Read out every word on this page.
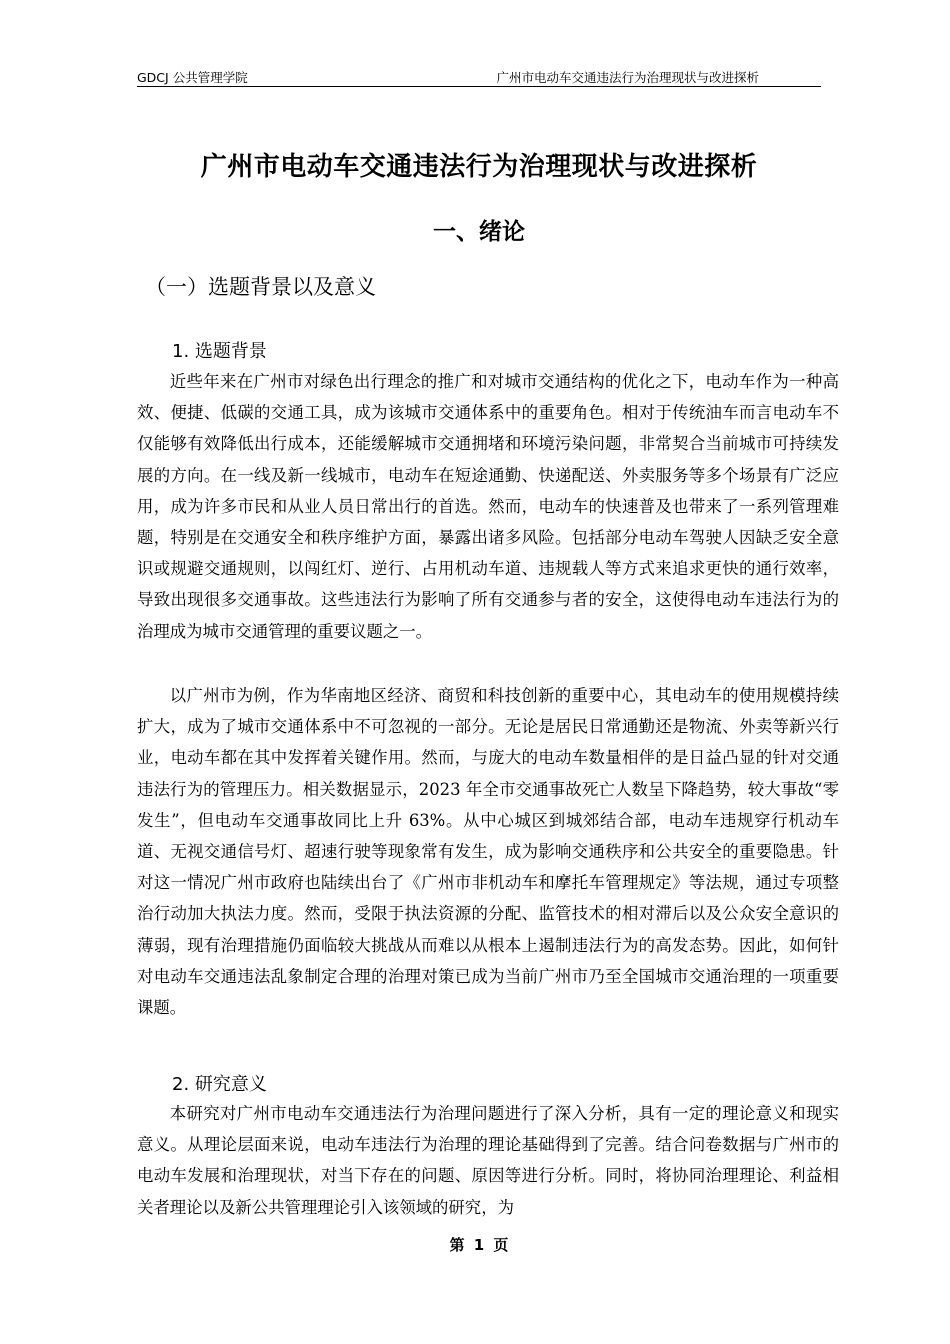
GDCJ 公共管理学院	广州市电动车交通违法行为治理现状与改进探析
广州市电动车交通违法行为治理现状与改进探析
一、绪论
（一）选题背景以及意义
1. 选题背景

近些年来在广州市对绿色出行理念的推广和对城市交通结构的优化之下，电动车作为一种高效、便捷、低碳的交通工具，成为该城市交通体系中的重要角色。相对于传统油车而言电动车不仅能够有效降低出行成本，还能缓解城市交通拥堵和环境污染问题，非常契合当前城市可持续发展的方向。在一线及新一线城市，电动车在短途通勤、快递配送、外卖服务等多个场景有广泛应用，成为许多市民和从业人员日常出行的首选。然而，电动车的快速普及也带来了一系列管理难题，特别是在交通安全和秩序维护方面，暴露出诸多风险。包括部分电动车驾驶人因缺乏安全意识或规避交通规则，以闯红灯、逆行、占用机动车道、违规载人等方式来追求更快的通行效率，导致出现很多交通事故。这些违法行为影响了所有交通参与者的安全，这使得电动车违法行为的治理成为城市交通管理的重要议题之一。

以广州市为例，作为华南地区经济、商贸和科技创新的重要中心，其电动车的使用规模持续扩大，成为了城市交通体系中不可忽视的一部分。无论是居民日常通勤还是物流、外卖等新兴行业，电动车都在其中发挥着关键作用。然而，与庞大的电动车数量相伴的是日益凸显的针对交通违法行为的管理压力。相关数据显示，2023 年全市交通事故死亡人数呈下降趋势，较大事故“零发生”，但电动车交通事故同比上升 63%。从中心城区到城郊结合部，电动车违规穿行机动车道、无视交通信号灯、超速行驶等现象常有发生，成为影响交通秩序和公共安全的重要隐患。针对这一情况广州市政府也陆续出台了《广州市非机动车和摩托车管理规定》等法规，通过专项整治行动加大执法力度。然而，受限于执法资源的分配、监管技术的相对滞后以及公众安全意识的薄弱，现有治理措施仍面临较大挑战从而难以从根本上遏制违法行为的高发态势。因此，如何针对电动车交通违法乱象制定合理的治理对策已成为当前广州市乃至全国城市交通治理的一项重要课题。

2. 研究意义

本研究对广州市电动车交通违法行为治理问题进行了深入分析，具有一定的理论意义和现实意义。从理论层面来说，电动车违法行为治理的理论基础得到了完善。结合问卷数据与广州市的电动车发展和治理现状，对当下存在的问题、原因等进行分析。同时，将协同治理理论、利益相关者理论以及新公共管理理论引入该领域的研究，为

第 1 页
